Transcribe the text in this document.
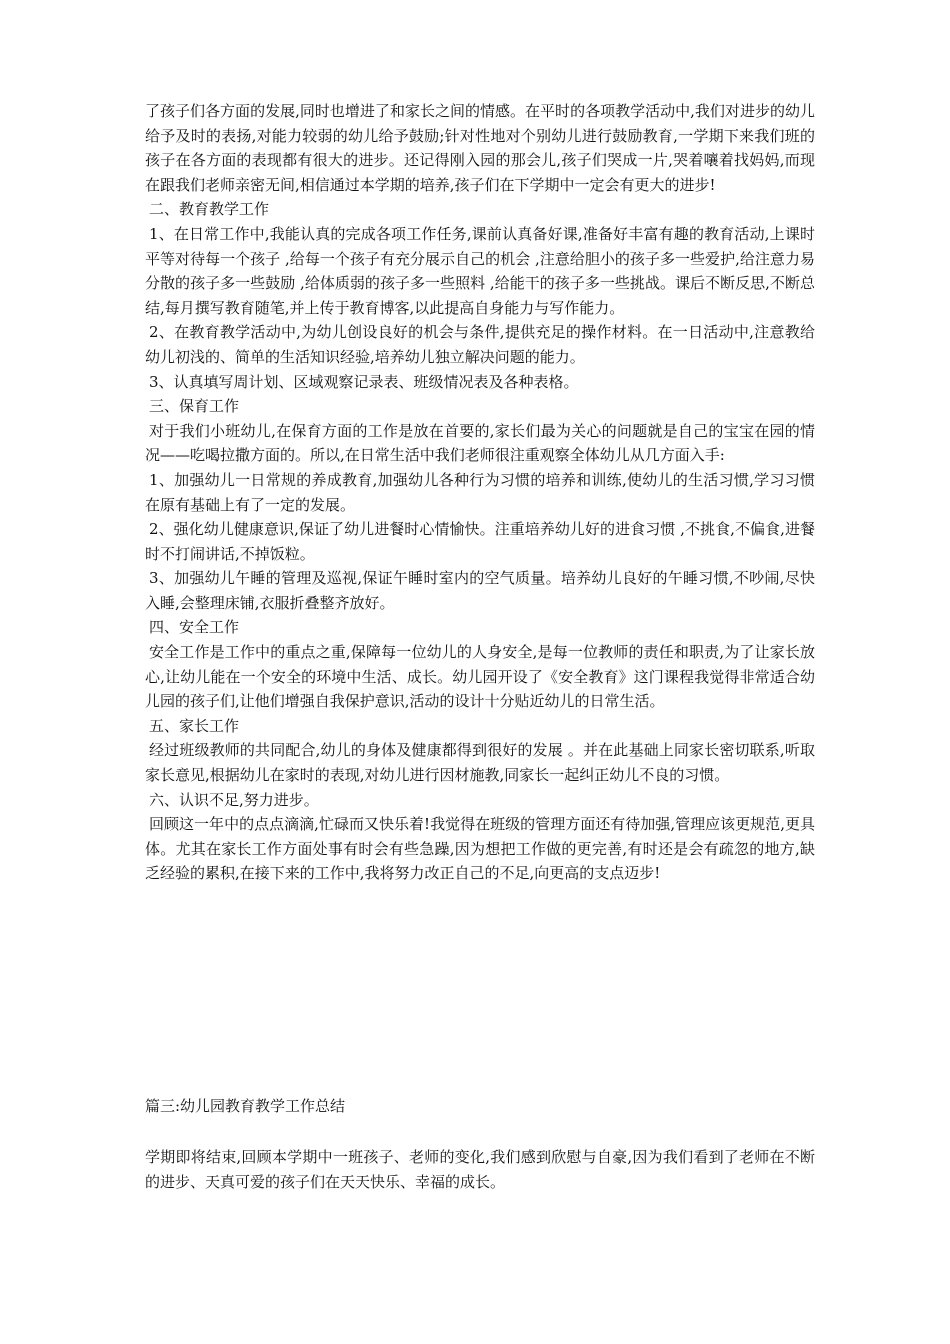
了孩子们各方面的发展,同时也增进了和家长之间的情感。在平时的各项教学活动中,我们对进步的幼儿给予及时的表扬,对能力较弱的幼儿给予鼓励;针对性地对个别幼儿进行鼓励教育,一学期下来我们班的孩子在各方面的表现都有很大的进步。还记得刚入园的那会儿,孩子们哭成一片,哭着嚷着找妈妈,而现在跟我们老师亲密无间,相信通过本学期的培养,孩子们在下学期中一定会有更大的进步!

二、教育教学工作

1、在日常工作中,我能认真的完成各项工作任务,课前认真备好课,准备好丰富有趣的教育活动,上课时平等对待每一个孩子 ,给每一个孩子有充分展示自己的机会 ,注意给胆小的孩子多一些爱护,给注意力易分散的孩子多一些鼓励 ,给体质弱的孩子多一些照料 ,给能干的孩子多一些挑战。课后不断反思,不断总结,每月撰写教育随笔,并上传于教育博客,以此提高自身能力与写作能力。

2、在教育教学活动中,为幼儿创设良好的机会与条件,提供充足的操作材料。在一日活动中,注意教给幼儿初浅的、简单的生活知识经验,培养幼儿独立解决问题的能力。

3、认真填写周计划、区域观察记录表、班级情况表及各种表格。

三、保育工作

对于我们小班幼儿,在保育方面的工作是放在首要的,家长们最为关心的问题就是自己的宝宝在园的情况——吃喝拉撒方面的。所以,在日常生活中我们老师很注重观察全体幼儿从几方面入手:

1、加强幼儿一日常规的养成教育,加强幼儿各种行为习惯的培养和训练,使幼儿的生活习惯,学习习惯在原有基础上有了一定的发展。

2、强化幼儿健康意识,保证了幼儿进餐时心情愉快。注重培养幼儿好的进食习惯 ,不挑食,不偏食,进餐时不打闹讲话,不掉饭粒。

3、加强幼儿午睡的管理及巡视,保证午睡时室内的空气质量。培养幼儿良好的午睡习惯,不吵闹,尽快入睡,会整理床铺,衣服折叠整齐放好。

四、安全工作

安全工作是工作中的重点之重,保障每一位幼儿的人身安全,是每一位教师的责任和职责,为了让家长放心,让幼儿能在一个安全的环境中生活、成长。幼儿园开设了《安全教育》这门课程我觉得非常适合幼儿园的孩子们,让他们增强自我保护意识,活动的设计十分贴近幼儿的日常生活。

五、家长工作

经过班级教师的共同配合,幼儿的身体及健康都得到很好的发展 。并在此基础上同家长密切联系,听取家长意见,根据幼儿在家时的表现,对幼儿进行因材施教,同家长一起纠正幼儿不良的习惯。

六、认识不足,努力进步。

回顾这一年中的点点滴滴,忙碌而又快乐着!我觉得在班级的管理方面还有待加强,管理应该更规范,更具体。尤其在家长工作方面处事有时会有些急躁,因为想把工作做的更完善,有时还是会有疏忽的地方,缺乏经验的累积,在接下来的工作中,我将努力改正自己的不足,向更高的支点迈步!

篇三:幼儿园教育教学工作总结
学期即将结束,回顾本学期中一班孩子、老师的变化,我们感到欣慰与自豪,因为我们看到了老师在不断的进步、天真可爱的孩子们在天天快乐、幸福的成长。
